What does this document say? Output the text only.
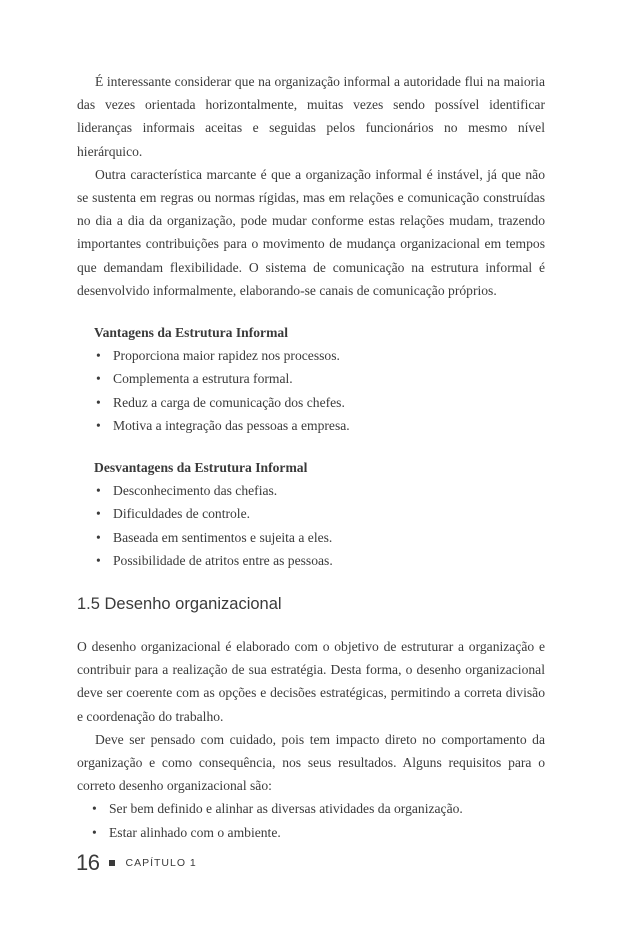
É interessante considerar que na organização informal a autoridade flui na maioria das vezes orientada horizontalmente, muitas vezes sendo possível identificar lideranças informais aceitas e seguidas pelos funcionários no mesmo nível hierárquico.

Outra característica marcante é que a organização informal é instável, já que não se sustenta em regras ou normas rígidas, mas em relações e comunicação construídas no dia a dia da organização, pode mudar conforme estas relações mudam, trazendo importantes contribuições para o movimento de mudança organizacional em tempos que demandam flexibilidade. O sistema de comunicação na estrutura informal é desenvolvido informalmente, elaborando-se canais de comunicação próprios.

Vantagens da Estrutura Informal
• Proporciona maior rapidez nos processos.
• Complementa a estrutura formal.
• Reduz a carga de comunicação dos chefes.
• Motiva a integração das pessoas a empresa.
Desvantagens da Estrutura Informal
• Desconhecimento das chefias.
• Dificuldades de controle.
• Baseada em sentimentos e sujeita a eles.
• Possibilidade de atritos entre as pessoas.
1.5 Desenho organizacional

O desenho organizacional é elaborado com o objetivo de estruturar a organização e contribuir para a realização de sua estratégia. Desta forma, o desenho organizacional deve ser coerente com as opções e decisões estratégicas, permitindo a correta divisão e coordenação do trabalho.

Deve ser pensado com cuidado, pois tem impacto direto no comportamento da organização e como consequência, nos seus resultados. Alguns requisitos para o correto desenho organizacional são:

• Ser bem definido e alinhar as diversas atividades da organização.
• Estar alinhado com o ambiente.
16 CAPÍTULO 1
